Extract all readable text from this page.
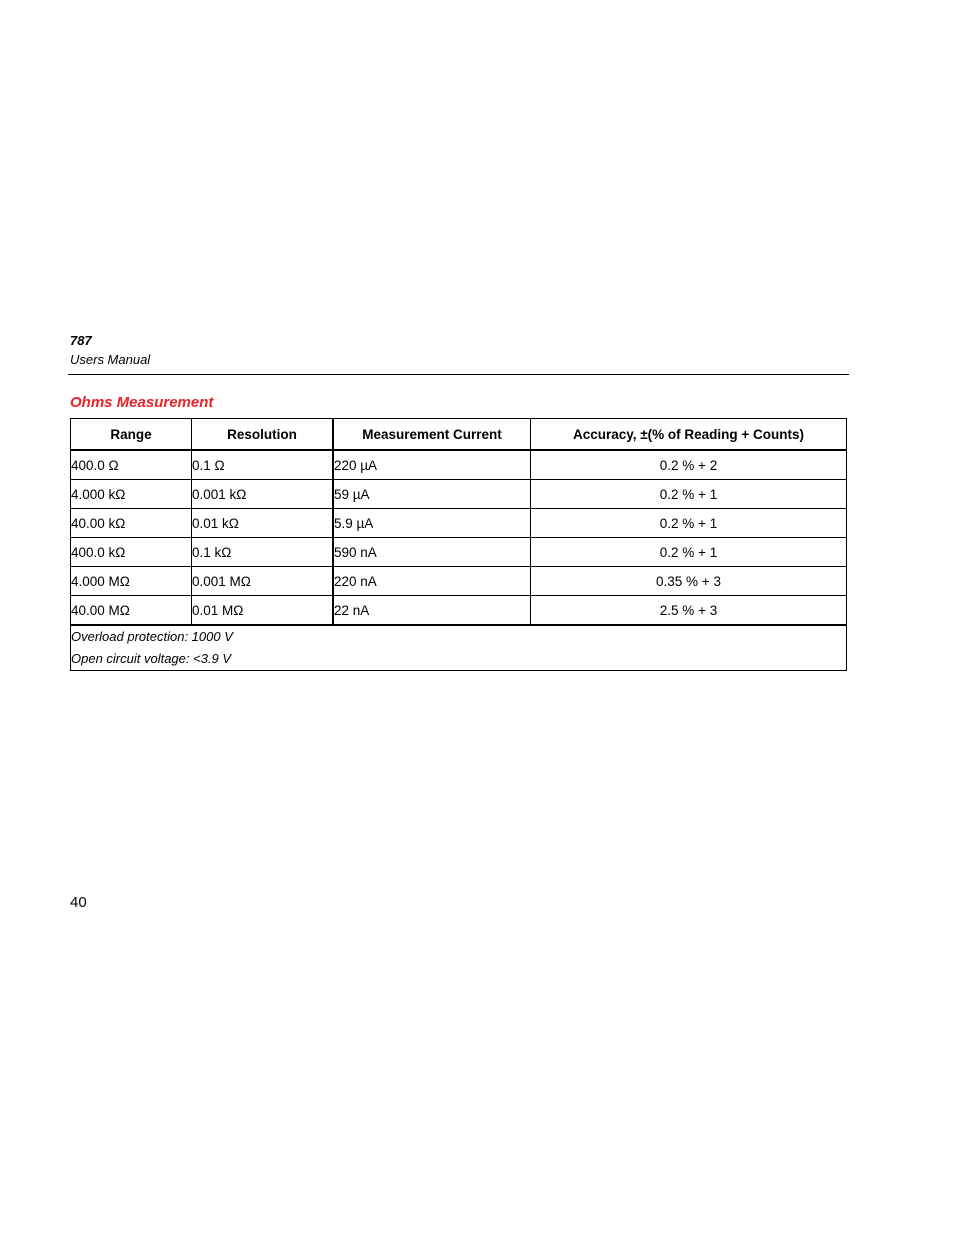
787
Users Manual
Ohms Measurement
Range	Resolution	Measurement Current	Accuracy, ±(% of Reading + Counts)
400.0 Ω	0.1 Ω	220 µA	0.2 % + 2
4.000 kΩ	0.001 kΩ	59 µA	0.2 % + 1
40.00 kΩ	0.01 kΩ	5.9 µA	0.2 % + 1
400.0 kΩ	0.1 kΩ	590 nA	0.2 % + 1
4.000 MΩ	0.001 MΩ	220 nA	0.35 % + 3
40.00 MΩ	0.01 MΩ	22 nA	2.5 % + 3

Overload protection: 1000 V
Open circuit voltage: <3.9 V			
40
